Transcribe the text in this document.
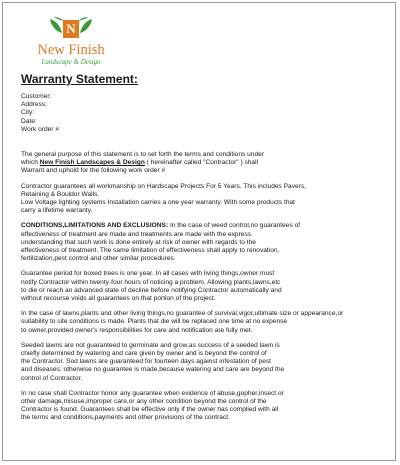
N
New Finish
Landscape & Design
Warranty Statement:
Customer:
Address:
City:
Date:
Work order #
The general purpose of this statement is to set forth the terms and conditions under
which New Finish Landscapes & Design ( hereinafter called "Contractor" ) shall
Warrant and uphold for the following work order #
Contractor guarantees all workmanship on Hardscape Projects For 5 Years. This includes Pavers,
Retaining & Bouldor Walls.
Low Voltage lighting systems Installation carries a one year warranty. With some products that
carry a lifetime warranty.
CONDITIONS,LIMITATIONS AND EXCLUSIONS: In the case of weed control,no guarantees of
effectiveness of treatment are made and treatments are made with the express
understanding that such work is done entirely at risk of owner with regards to the
effectiveness of treatment. The same limitation of effectiveness shall apply to renovation,
fertilization,pest control and other similar procedures.
Guarantee period for boxed trees is one year. In all cases with living things,owner must
notify Contractor within twenty-four hours of noticing a problem. Allowing plants,lawns,etc
to die or reach an advanced state of decline before notifying Contractor automatically and
without recourse voids all guarantees on that portion of the project.
In the case of lawns,plants and other living things,no guarantee of survival,vigor,ultimate size or appearance,or
suitability to site conditions is made. Plants that die will be replaced one time at no expense
to owner,provided owner's responsibilities for care and notification are fully met.
Seeded lawns are not guaranteed to germinate and grow,as success of a seeded lawn is
chiefly determined by watering and care given by owner and is beyond the control of
the Contractor. Sod lawns are guaranteed for fourteen days against infestation of pest
and diseases; otherwise no guarantee is made,because watering and care are beyond the
control of Contractor.
In no case shall Contractor honor any guarantee when evidence of abuse,gopher,insect or
other damage,misuse,improper care,or any other condition beyond the control of the
Contractor is found. Guarantees shall be effective only if the owner has complied with all
the terms and conditions,payments and other provisions of the contract.
